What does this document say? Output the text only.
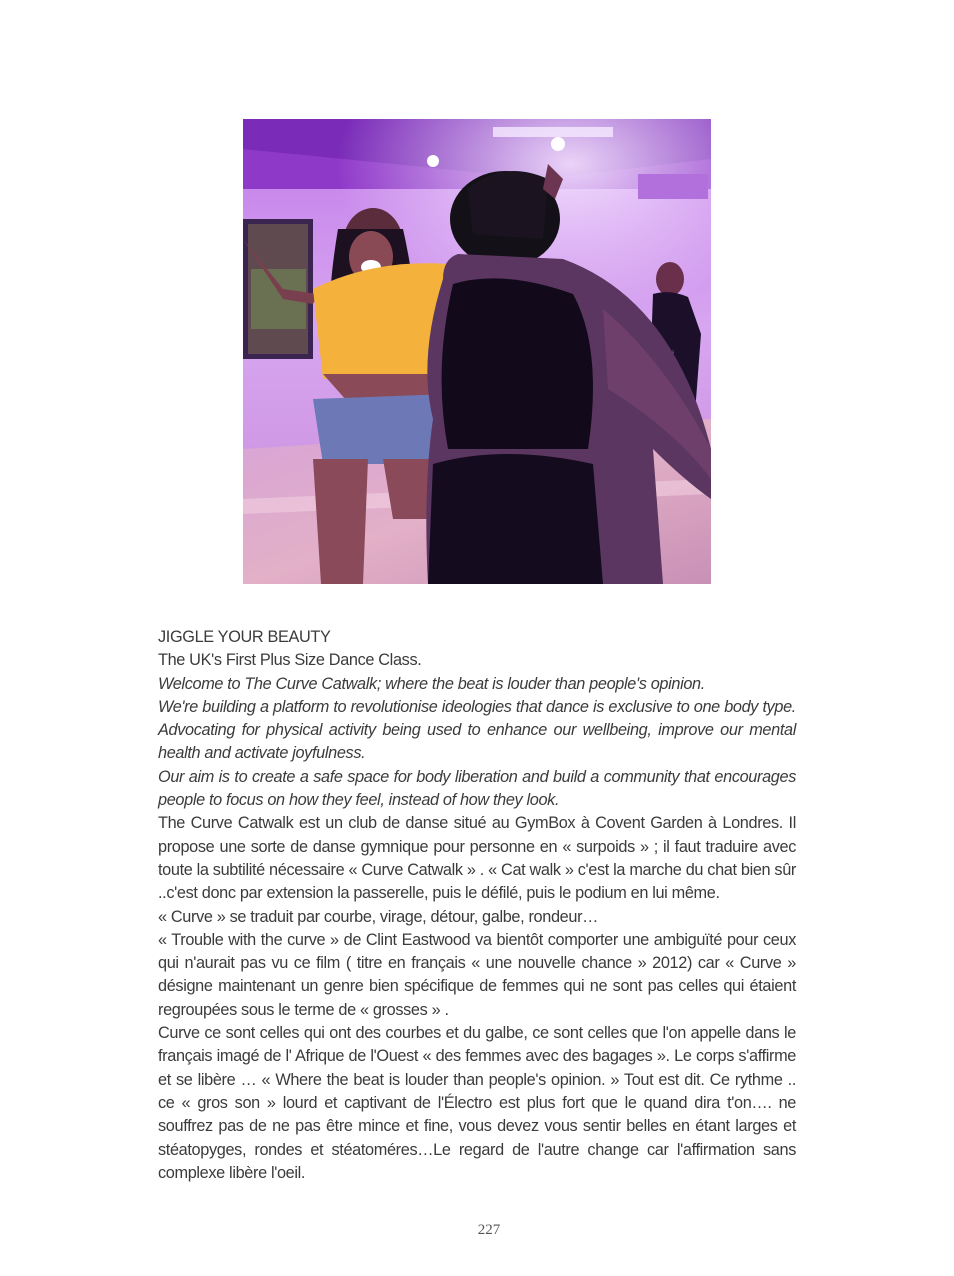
JIGGLE YOUR BEAUTY

The UK's First Plus Size Dance Class.

Welcome to The Curve Catwalk; where the beat is louder than people's opinion.

We're building a platform to revolutionise ideologies that dance is exclusive to one body type. Advocating for physical activity being used to enhance our wellbeing, improve our mental health and activate joyfulness.

Our aim is to create a safe space for body liberation and build a community that encourages people to focus on how they feel, instead of how they look.

The Curve Catwalk est un club de danse situé au GymBox à Covent Garden à Londres. Il propose une sorte de danse gymnique pour personne en « surpoids » ; il faut traduire avec toute la subtilité nécessaire « Curve Catwalk » . « Cat walk » c'est la marche du chat bien sûr ..c'est donc par extension la passerelle, puis le défilé, puis le podium en lui même.

« Curve » se traduit par courbe, virage, détour, galbe, rondeur…

« Trouble with the curve » de Clint Eastwood va bientôt comporter une ambiguïté pour ceux qui n'aurait pas vu ce film ( titre en français « une nouvelle chance » 2012) car « Curve » désigne maintenant un genre bien spécifique de femmes qui ne sont pas celles qui étaient regroupées sous le terme de « grosses » .

Curve ce sont celles qui ont des courbes et du galbe, ce sont celles que l'on appelle dans le français imagé de l' Afrique de l'Ouest « des femmes avec des bagages ». Le corps s'affirme et se libère … « Where the beat is louder than people's opinion. » Tout est dit. Ce rythme .. ce « gros son » lourd et captivant de l'Électro est plus fort que le quand dira t'on…. ne souffrez pas de ne pas être mince et fine, vous devez vous sentir belles en étant larges et stéatopyges, rondes et stéatoméres…Le regard de l'autre change car l'affirmation sans complexe libère l'oeil.

227
